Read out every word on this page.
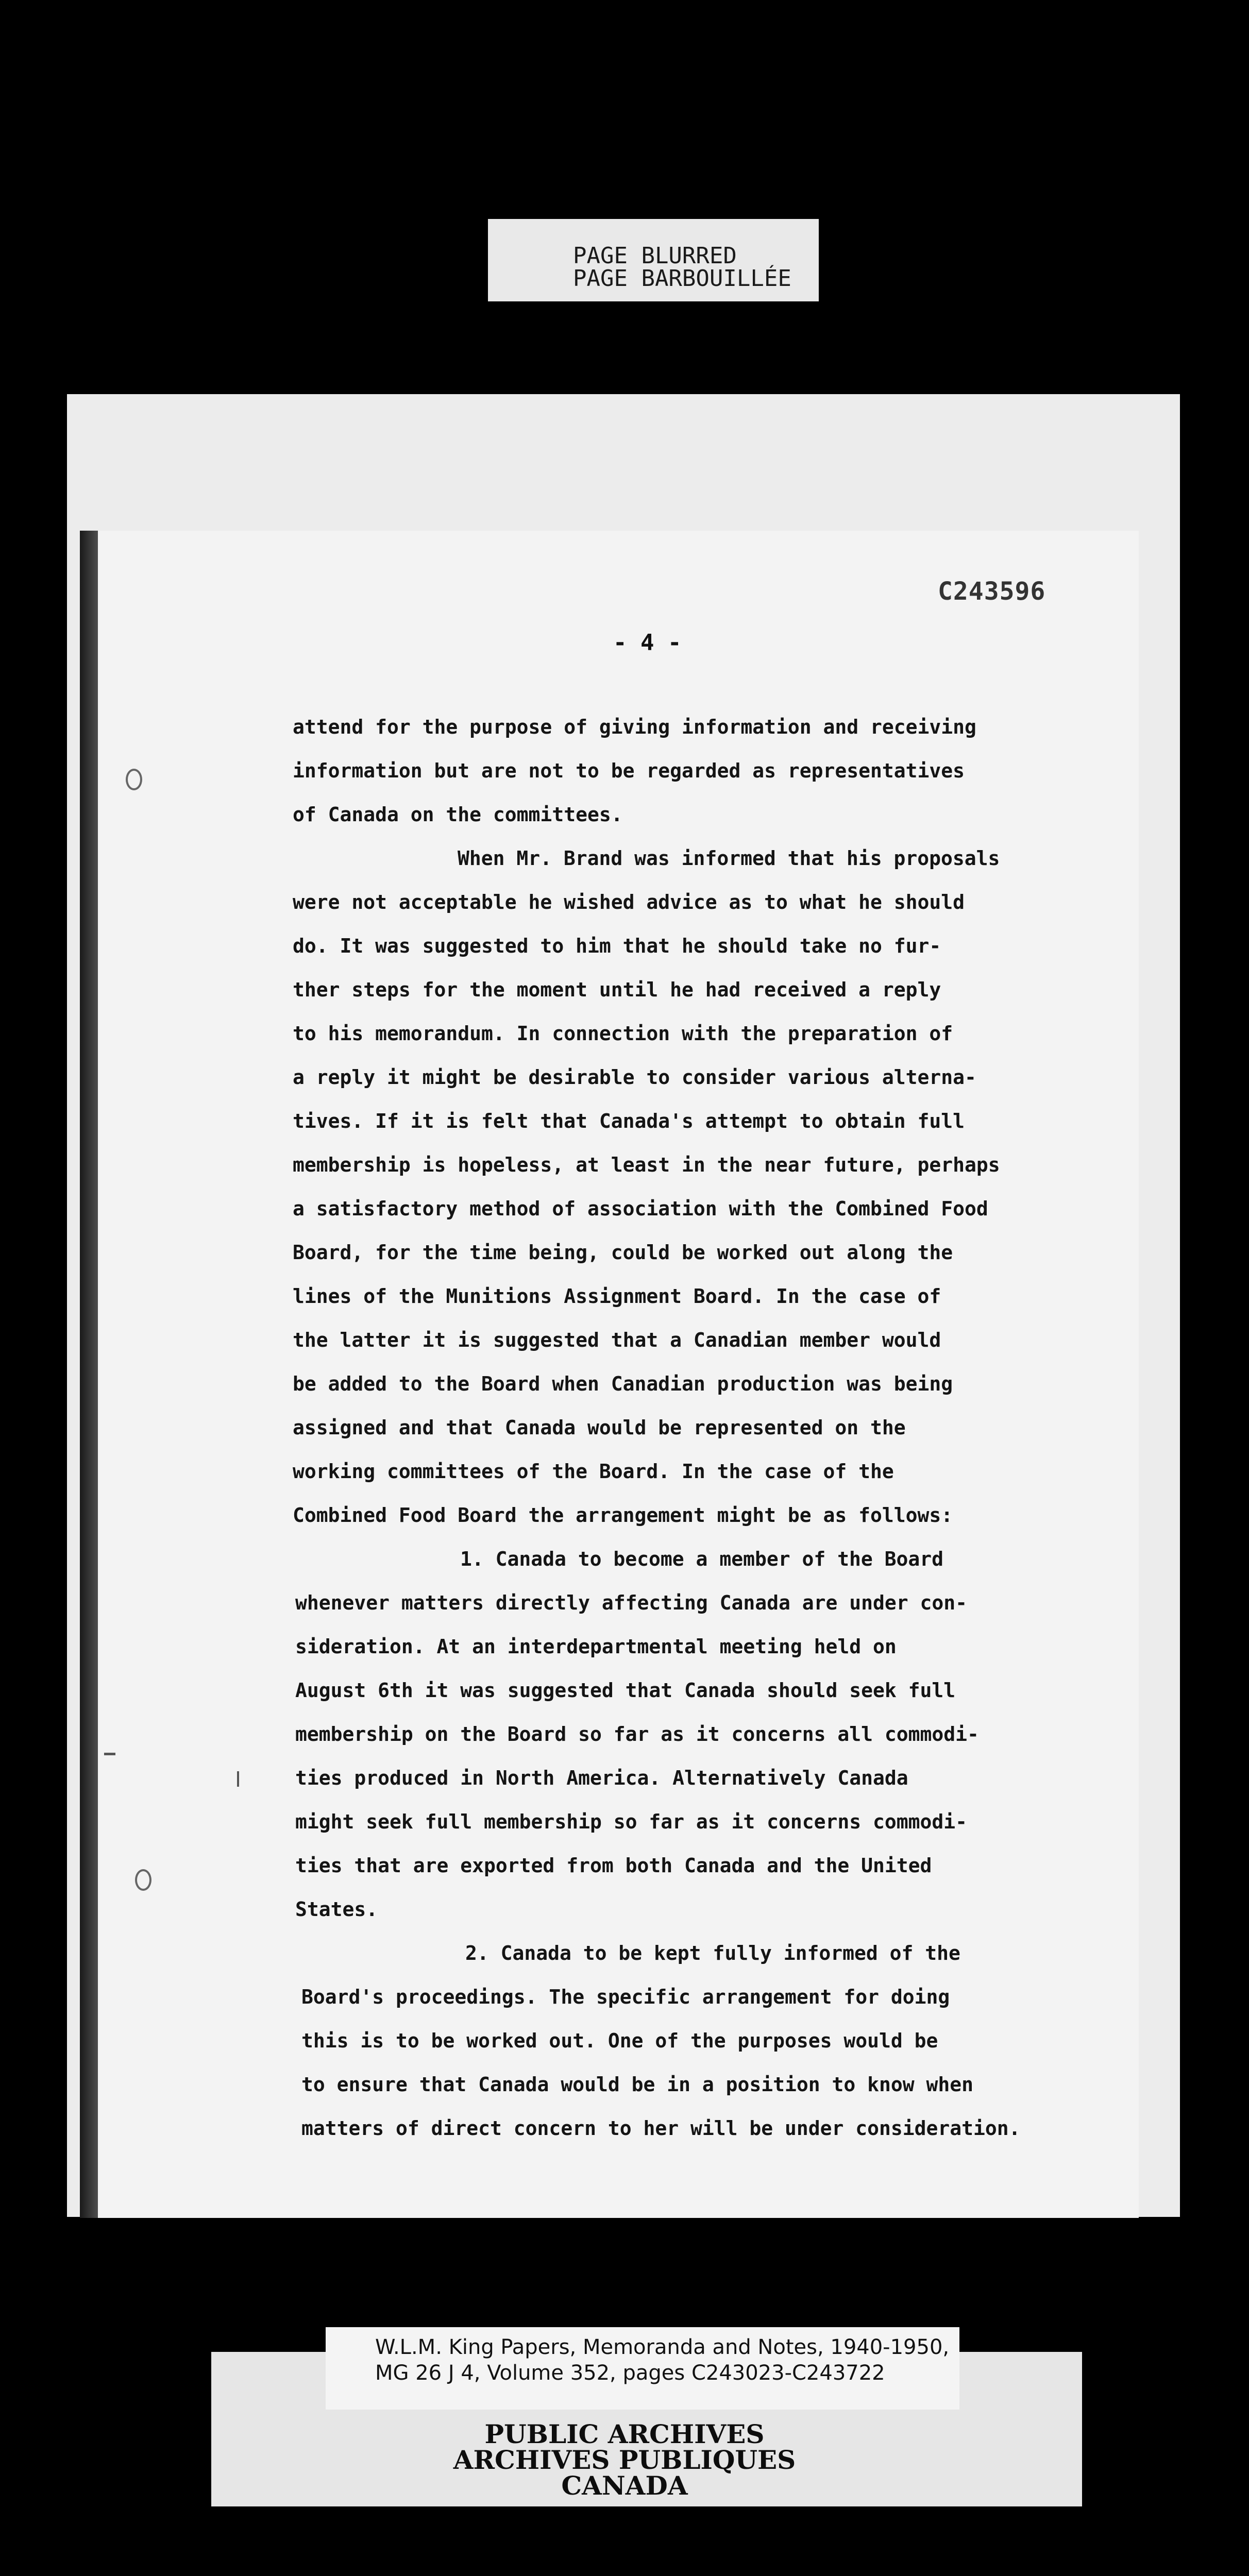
PAGE BLURRED
PAGE BARBOUILLÉE
C243596
- 4 -
attend for the purpose of giving information and receiving
information but are not to be regarded as representatives
of Canada on the committees.
When Mr. Brand was informed that his proposals
were not acceptable he wished advice as to what he should
do. It was suggested to him that he should take no fur-
ther steps for the moment until he had received a reply
to his memorandum. In connection with the preparation of
a reply it might be desirable to consider various alterna-
tives. If it is felt that Canada's attempt to obtain full
membership is hopeless, at least in the near future, perhaps
a satisfactory method of association with the Combined Food
Board, for the time being, could be worked out along the
lines of the Munitions Assignment Board. In the case of
the latter it is suggested that a Canadian member would
be added to the Board when Canadian production was being
assigned and that Canada would be represented on the
working committees of the Board. In the case of the
Combined Food Board the arrangement might be as follows:
1. Canada to become a member of the Board
whenever matters directly affecting Canada are under con-
sideration. At an interdepartmental meeting held on
August 6th it was suggested that Canada should seek full
membership on the Board so far as it concerns all commodi-
ties produced in North America. Alternatively Canada
might seek full membership so far as it concerns commodi-
ties that are exported from both Canada and the United
States.
2. Canada to be kept fully informed of the
Board's proceedings. The specific arrangement for doing
this is to be worked out. One of the purposes would be
to ensure that Canada would be in a position to know when
matters of direct concern to her will be under consideration.
W.L.M. King Papers, Memoranda and Notes, 1940-1950,
MG 26 J 4, Volume 352, pages C243023-C243722
PUBLIC ARCHIVES
ARCHIVES PUBLIQUES
CANADA
